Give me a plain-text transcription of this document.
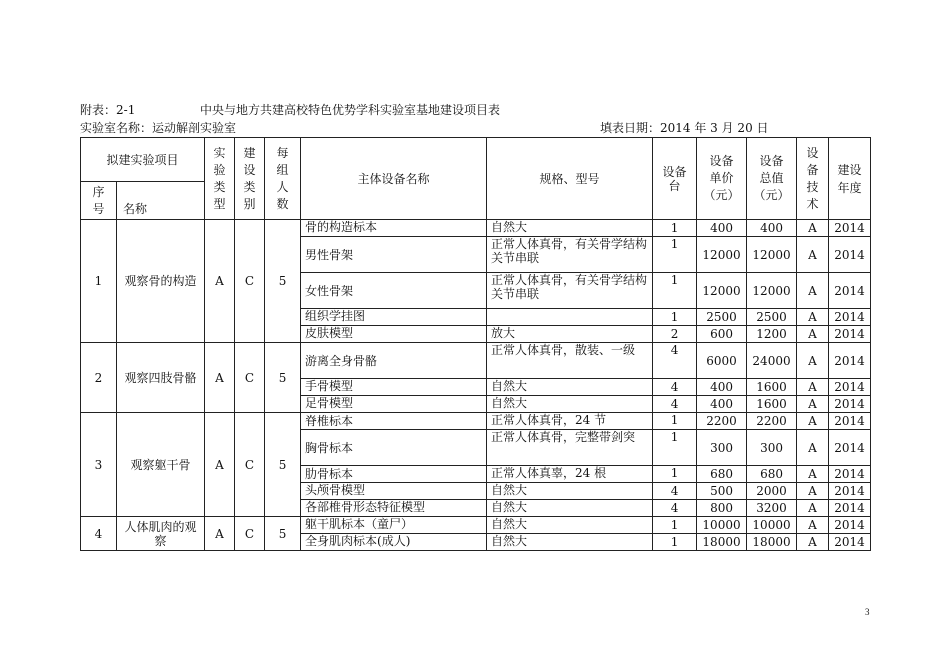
附表：2-1	中央与地方共建高校特色优势学科实验室基地建设项目表
实验室名称：运动解剖实验室	填表日期：2014 年 3 月 20 日
拟建实验项目		实
验
类
型	建
设
类
别	每
组
人
数	主体设备名称	规格、型号	设备
台	设备
单价
（元）	设备
总值
（元）	设
备
技
术	建设
年度
序
号	名称										
1	观察骨的构造	A	C	5	骨的构造标本	自然大	1	400	400	A	2014
					男性骨架	正常人体真骨，有关骨学结构关节串联	1	12000	12000	A	2014
					女性骨架	正常人体真骨，有关骨学结构关节串联	1	12000	12000	A	2014
					组织学挂图		1	2500	2500	A	2014
					皮肤模型	放大	2	600	1200	A	2014
2	观察四肢骨骼	A	C	5	游离全身骨骼	正常人体真骨，散装、一级	4	6000	24000	A	2014
					手骨模型	自然大	4	400	1600	A	2014
					足骨模型	自然大	4	400	1600	A	2014
3	观察躯干骨	A	C	5	脊椎标本	正常人体真骨，24 节	1	2200	2200	A	2014
					胸骨标本	正常人体真骨，完整带剑突	1	300	300	A	2014
					肋骨标本	正常人体真辜，24 根	1	680	680	A	2014
					头颅骨模型	自然大	4	500	2000	A	2014
					各部椎骨形态特征模型	自然大	4	800	3200	A	2014
4	人体肌肉的观察	A	C	5	躯干肌标本（童尸）	自然大	1	10000	10000	A	2014
					全身肌肉标本(成人)	自然大	1	18000	18000	A	2014
3
